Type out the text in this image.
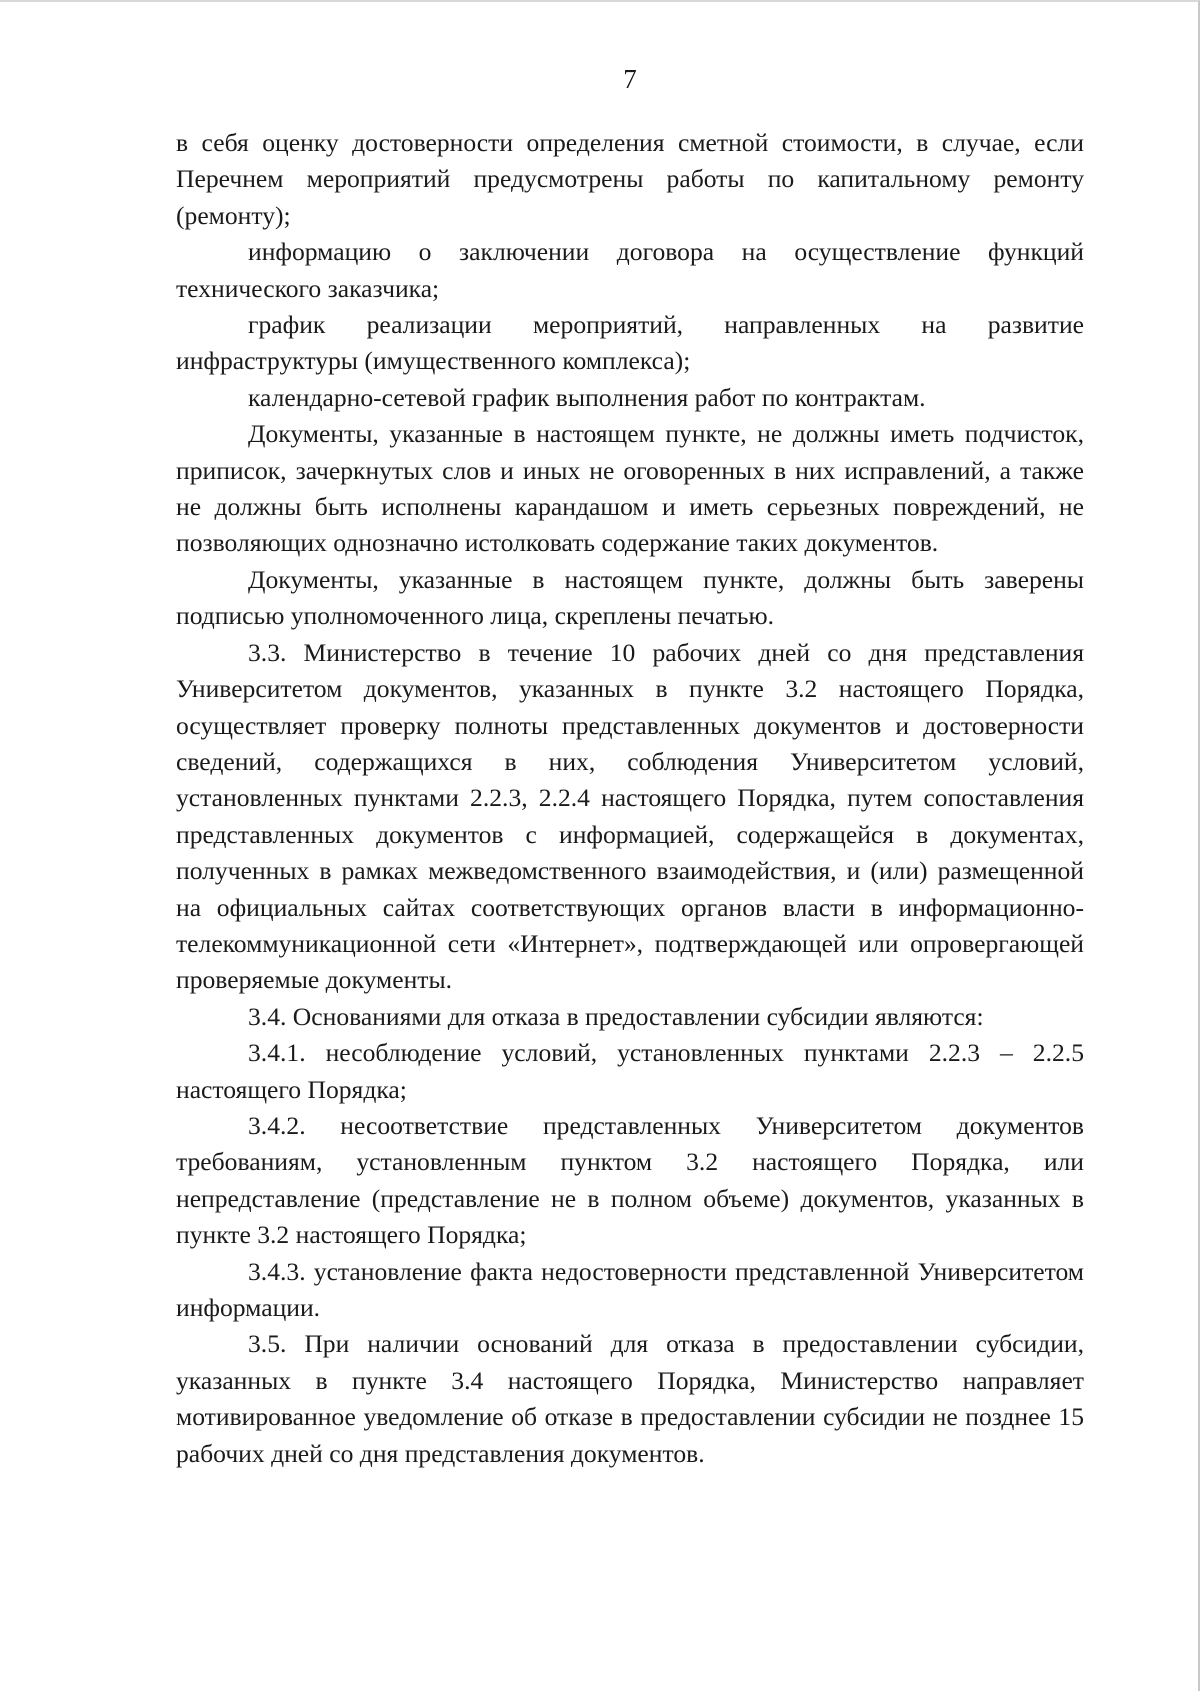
7

в себя оценку достоверности определения сметной стоимости, в случае, если Перечнем мероприятий предусмотрены работы по капитальному ремонту (ремонту);

информацию о заключении договора на осуществление функций технического заказчика;

график реализации мероприятий, направленных на развитие инфраструктуры (имущественного комплекса);

календарно-сетевой график выполнения работ по контрактам.

Документы, указанные в настоящем пункте, не должны иметь подчисток, приписок, зачеркнутых слов и иных не оговоренных в них исправлений, а также не должны быть исполнены карандашом и иметь серьезных повреждений, не позволяющих однозначно истолковать содержание таких документов.

Документы, указанные в настоящем пункте, должны быть заверены подписью уполномоченного лица, скреплены печатью.

3.3. Министерство в течение 10 рабочих дней со дня представления Университетом документов, указанных в пункте 3.2 настоящего Порядка, осуществляет проверку полноты представленных документов и достоверности сведений, содержащихся в них, соблюдения Университетом условий, установленных пунктами 2.2.3, 2.2.4 настоящего Порядка, путем сопоставления представленных документов с информацией, содержащейся в документах, полученных в рамках межведомственного взаимодействия, и (или) размещенной на официальных сайтах соответствующих органов власти в информационно-телекоммуникационной сети «Интернет», подтверждающей или опровергающей проверяемые документы.

3.4. Основаниями для отказа в предоставлении субсидии являются:

3.4.1. несоблюдение условий, установленных пунктами 2.2.3 – 2.2.5 настоящего Порядка;

3.4.2. несоответствие представленных Университетом документов требованиям, установленным пунктом 3.2 настоящего Порядка, или непредставление (представление не в полном объеме) документов, указанных в пункте 3.2 настоящего Порядка;

3.4.3. установление факта недостоверности представленной Университетом информации.

3.5. При наличии оснований для отказа в предоставлении субсидии, указанных в пункте 3.4 настоящего Порядка, Министерство направляет мотивированное уведомление об отказе в предоставлении субсидии не позднее 15 рабочих дней со дня представления документов.
